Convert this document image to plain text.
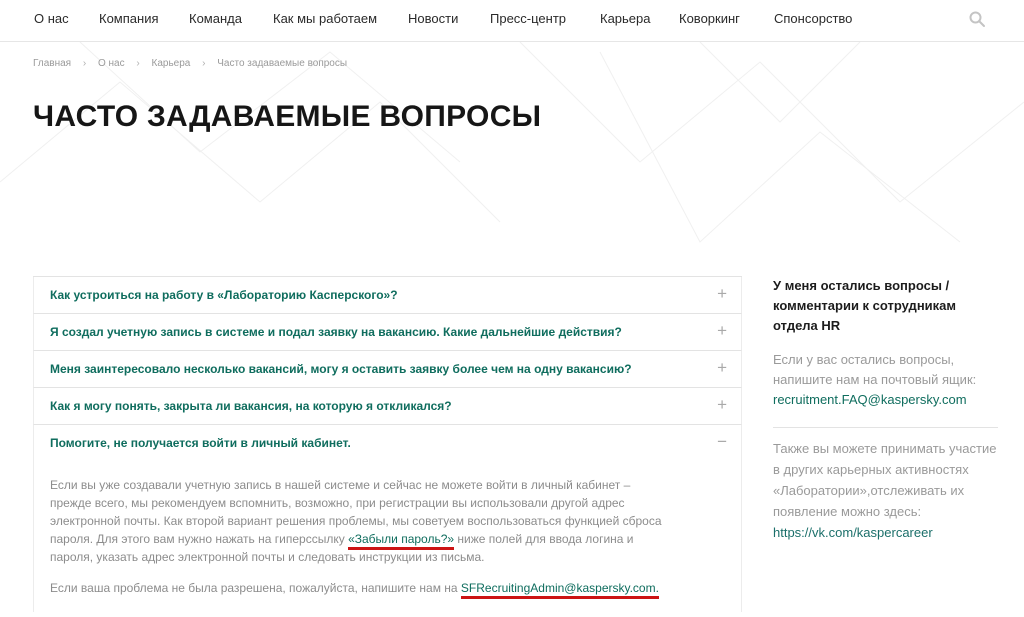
О нас Компания Команда Как мы работаем Новости Пресс-центр	Карьера Коворкинг	Спонсорство
Главная › О нас › Карьера › Часто задаваемые вопросы
ЧАСТО ЗАДАВАЕМЫЕ ВОПРОСЫ
Как устроиться на работу в «Лабораторию Касперского»?	+
Я создал учетную запись в системе и подал заявку на вакансию. Какие дальнейшие действия?	+
Меня заинтересовало несколько вакансий, могу я оставить заявку более чем на одну вакансию?	+
Как я могу понять, закрыта ли вакансия, на которую я откликался?	+
Помогите, не получается войти в личный кабинет.	−

Если вы уже создавали учетную запись в нашей системе и сейчас не можете войти в личный кабинет –
прежде всего, мы рекомендуем вспомнить, возможно, при регистрации вы использовали другой адрес
электронной почты. Как второй вариант решения проблемы, мы советуем воспользоваться функцией сброса
пароля. Для этого вам нужно нажать на гиперссылку «Забыли пароль?» ниже полей для ввода логина и
пароля, указать адрес электронной почты и следовать инструкции из письма.

Если ваша проблема не была разрешена, пожалуйста, напишите нам на SFRecruitingAdmin@kaspersky.com.

У меня остались вопросы / комментарии к сотрудникам отдела HR
Если у вас остались вопросы, напишите нам на почтовый ящик:
recruitment.FAQ@kaspersky.com
Также вы можете принимать участие в других карьерных активностях «Лаборатории»,отслеживать их появление можно здесь:
https://vk.com/kaspercareer
